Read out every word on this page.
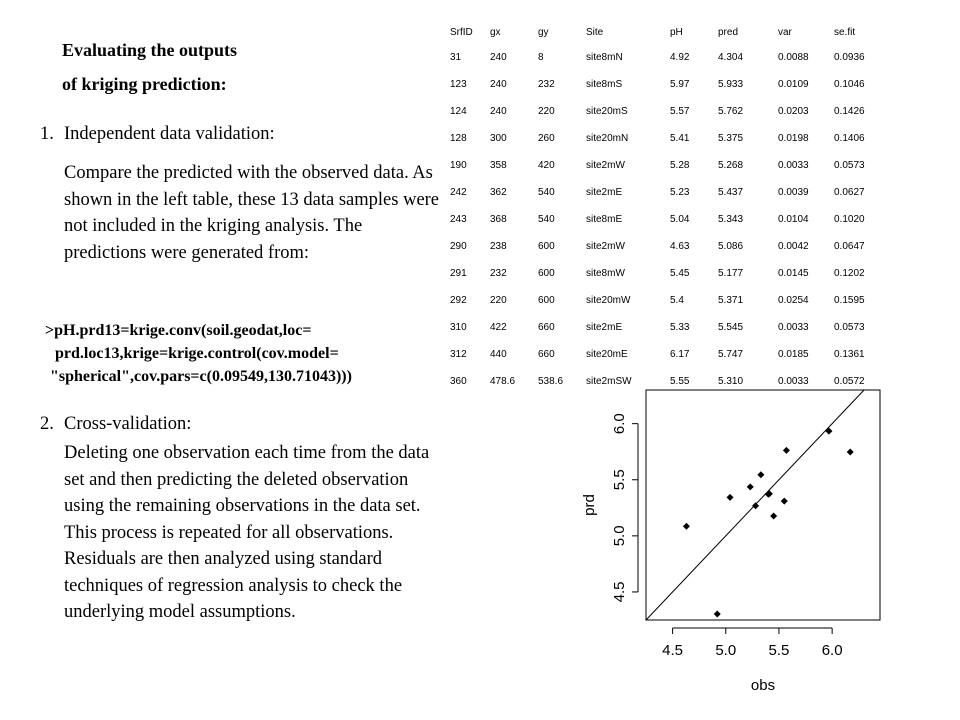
Evaluating the outputs
of kriging prediction:
1. Independent data validation:
Compare the predicted with the observed data. As shown in the left table, these 13 data samples were not included in the kriging analysis. The predictions were generated from:
>pH.prd13=krige.conv(soil.geodat,loc=
prd.loc13,krige=krige.control(cov.model=
"spherical",cov.pars=c(0.09549,130.71043)))
2. Cross-validation:
Deleting one observation each time from the data set and then predicting the deleted observation using the remaining observations in the data set. This process is repeated for all observations. Residuals are then analyzed using standard techniques of regression analysis to check the underlying model assumptions.
SrfID	gx	gy	Site	pH	pred	var	se.fit
31	240	8	site8mN	4.92	4.304	0.0088	0.0936
123	240	232	site8mS	5.97	5.933	0.0109	0.1046
124	240	220	site20mS	5.57	5.762	0.0203	0.1426
128	300	260	site20mN	5.41	5.375	0.0198	0.1406
190	358	420	site2mW	5.28	5.268	0.0033	0.0573
242	362	540	site2mE	5.23	5.437	0.0039	0.0627
243	368	540	site8mE	5.04	5.343	0.0104	0.1020
290	238	600	site2mW	4.63	5.086	0.0042	0.0647
291	232	600	site8mW	5.45	5.177	0.0145	0.1202
292	220	600	site20mW	5.4	5.371	0.0254	0.1595
310	422	660	site2mE	5.33	5.545	0.0033	0.0573
312	440	660	site20mE	6.17	5.747	0.0185	0.1361
360	478.6	538.6	site2mSW	5.55	5.310	0.0033	0.0572
4.5 5.0 5.5 6.0
obs
4.5
5.0
5.5
6.0
prd
